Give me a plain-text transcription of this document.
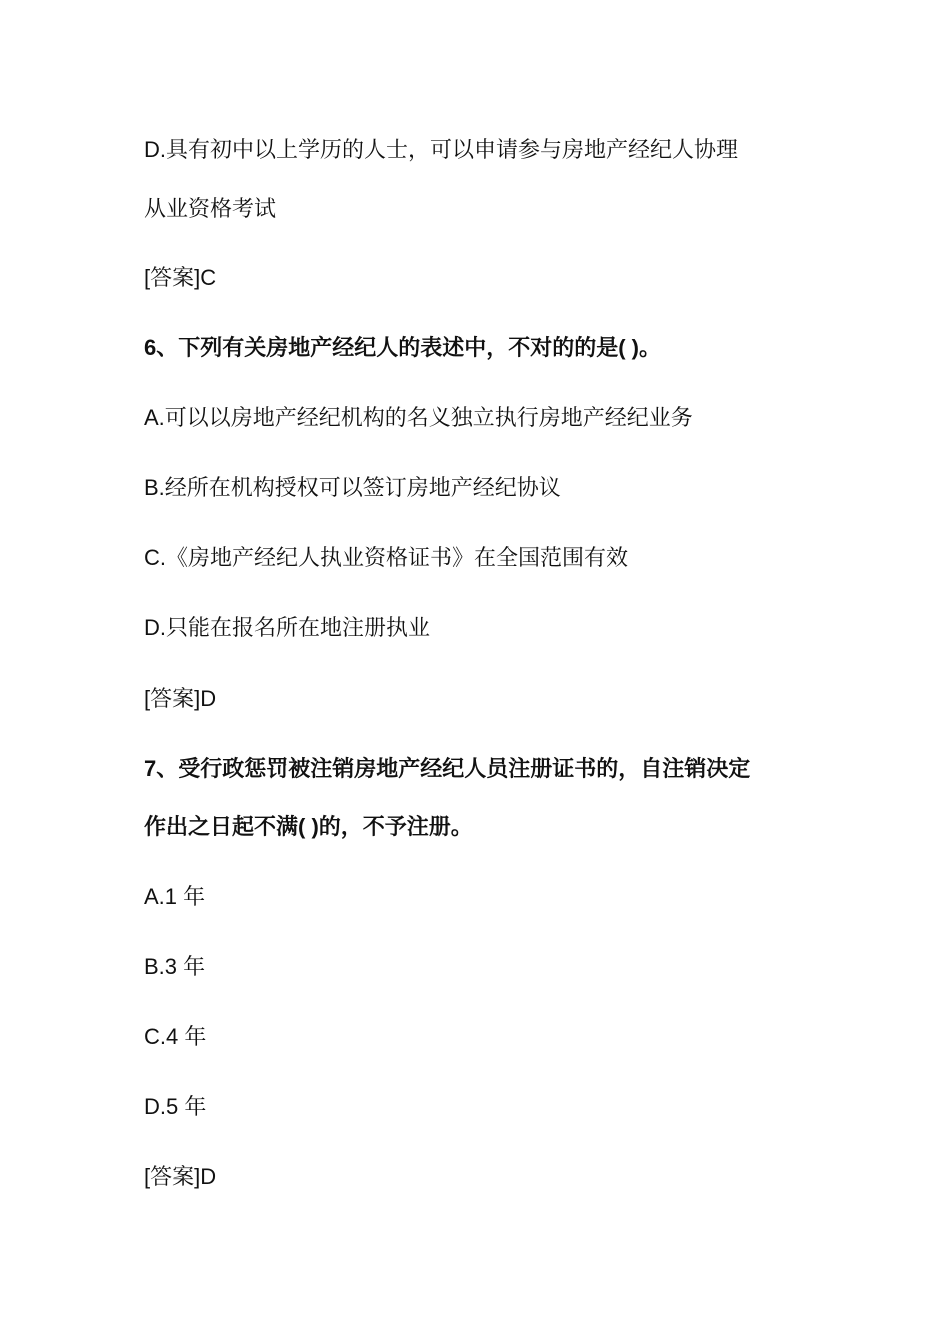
D.具有初中以上学历的人士，可以申请参与房地产经纪人协理
从业资格考试
[答案]C
6、下列有关房地产经纪人的表述中，不对的的是( )。
A.可以以房地产经纪机构的名义独立执行房地产经纪业务
B.经所在机构授权可以签订房地产经纪协议
C.《房地产经纪人执业资格证书》在全国范围有效
D.只能在报名所在地注册执业
[答案]D
7、受行政惩罚被注销房地产经纪人员注册证书的，自注销决定
作出之日起不满( )的，不予注册。
A.1 年
B.3 年
C.4 年
D.5 年
[答案]D
